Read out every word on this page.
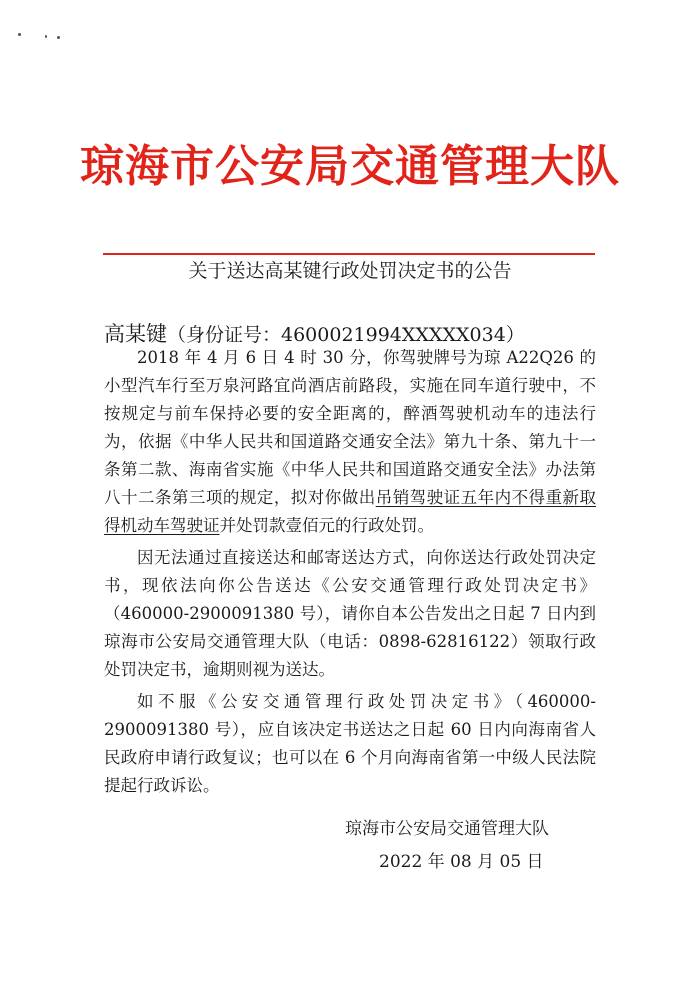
琼海市公安局交通管理大队
关于送达高某键行政处罚决定书的公告
高某键（身份证号：4600021994XXXXX034）

2018 年 4 月 6 日 4 时 30 分，你驾驶牌号为琼 A22Q26 的小型汽车行至万泉河路宜尚酒店前路段，实施在同车道行驶中，不按规定与前车保持必要的安全距离的，醉酒驾驶机动车的违法行为，依据《中华人民共和国道路交通安全法》第九十条、第九十一条第二款、海南省实施《中华人民共和国道路交通安全法》办法第八十二条第三项的规定，拟对你做出吊销驾驶证五年内不得重新取得机动车驾驶证并处罚款壹佰元的行政处罚。

因无法通过直接送达和邮寄送达方式，向你送达行政处罚决定书，现依法向你公告送达《公安交通管理行政处罚决定书》（460000-2900091380 号），请你自本公告发出之日起 7 日内到琼海市公安局交通管理大队（电话：0898-62816122）领取行政处罚决定书，逾期则视为送达。

如不服《公安交通管理行政处罚决定书》（460000-2900091380 号），应自该决定书送达之日起 60 日内向海南省人民政府申请行政复议；也可以在 6 个月向海南省第一中级人民法院提起行政诉讼。

琼海市公安局交通管理大队
2022 年 08 月 05 日
